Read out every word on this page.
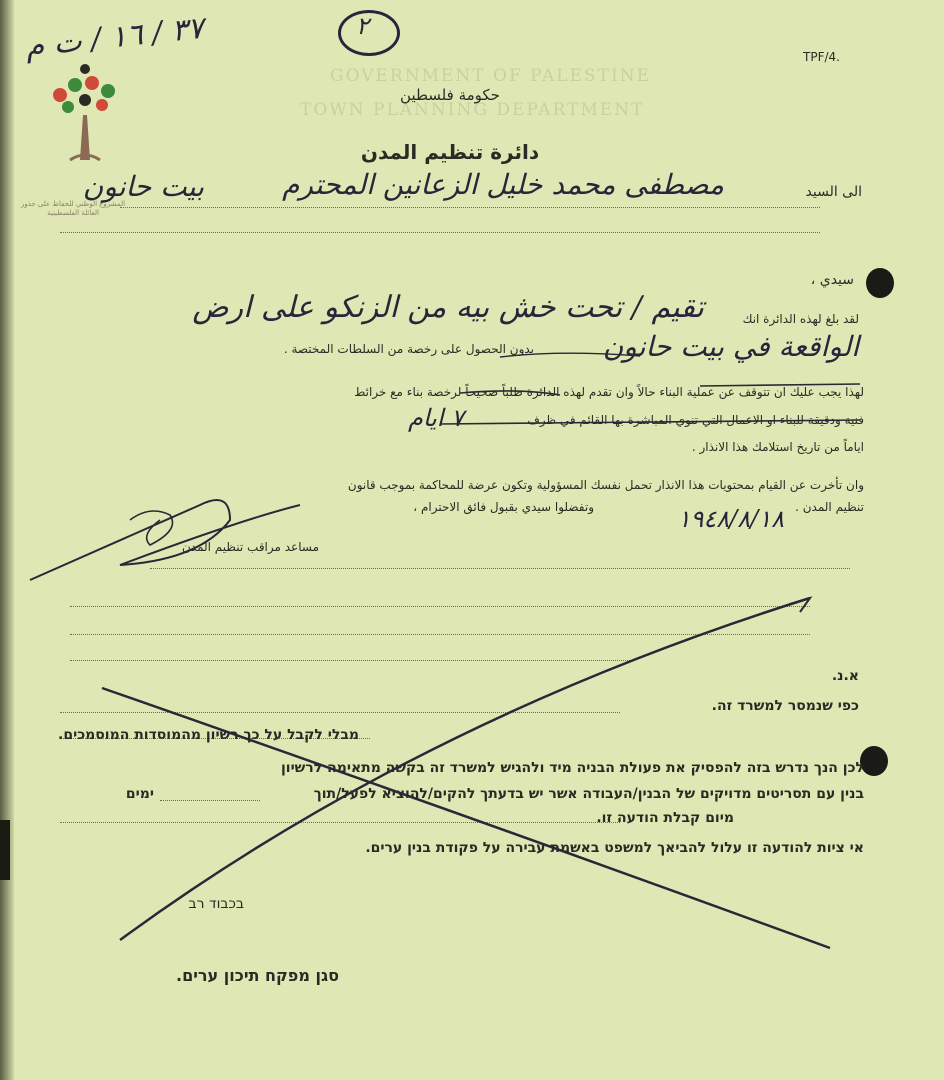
المشروع الوطني للحفاظ على جذور العائلة الفلسطينية
GOVERNMENT OF PALESTINE
TOWN PLANNING DEPARTMENT
٣٧ / ١٦ / ت م	٢
TPF/4.
حكومة فلسطين
دائرة تنظيم المدن
الى السيد
مصطفى محمد خليل الزعانين المحترم
بيت حانون
سيدي ،
لقد بلغ لهذه الدائرة انك
تقيم / تحت خش بيه من الزنكو على ارض
الواقعة في بيت حانون
بدون الحصول على رخصة من السلطات المختصة .
لهذا يجب عليك ان تتوقف عن عملية البناء حالاً وان تقدم لهذه الدائرة طلباً صحيحاً لرخصة بناء مع خرائط
فنية ودقيقة للبناء او الاعمال التي تنوي المباشرة بها القائم في ظرف
٧ ايام
اياماً من تاريخ استلامك هذا الانذار .
وان تأخرت عن القيام بمحتويات هذا الانذار تحمل نفسك المسؤولية وتكون عرضة للمحاكمة بموجب قانون
تنظيم المدن .
وتفضلوا سيدي بقبول فائق الاحترام ،	١٩٤٨/٨/١٨
مساعد مراقب تنظيم المدن
א.נ.
כפי שנמסר למשרד זה.
מבלי לקבל על כך רשיון מהמוסדות המוסמכים.
לכן הנך נדרש בזה להפסיק את פעולת הבניה מיד ולהגיש למשרד זה בקשה מתאימה לרשיון
בנין עם תסריטים מדויקים של הבנין/העבודה אשר יש בדעתך להקים/להוציא לפעל/תוך
ימים
מיום קבלת הודעה זו.
אי ציות להודעה זו עלול להביאך למשפט באשמת עבירה על פקודת בנין ערים.
בכבוד רב
סגן מפקח תיכון ערים.
